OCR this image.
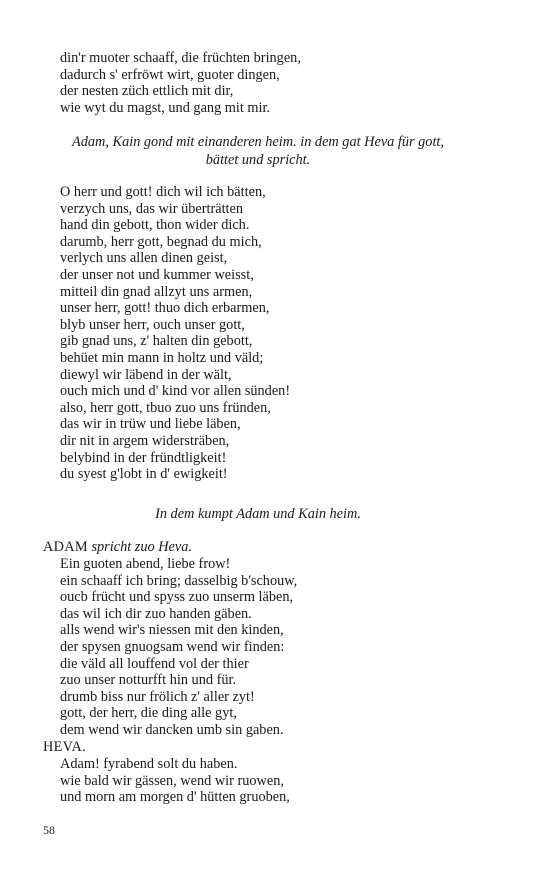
din'r muoter schaaff, die früchten bringen,
dadurch s' erfröwt wirt, guoter dingen,
der nesten züch ettlich mit dir,
wie wyt du magst, und gang mit mir.
Adam, Kain gond mit einanderen heim. in dem gat Heva für gott,
bättet und spricht.
O herr und gott! dich wil ich bätten,
verzych uns, das wir überträtten
hand din gebott, thon wider dich.
darumb, herr gott, begnad du mich,
verlych uns allen dinen geist,
der unser not und kummer weisst,
mitteil din gnad allzyt uns armen,
unser herr, gott! thuo dich erbarmen,
blyb unser herr, ouch unser gott,
gib gnad uns, z' halten din gebott,
behüet min mann in holtz und väld;
diewyl wir läbend in der wält,
ouch mich und d' kind vor allen sünden!
also, herr gott, tbuo zuo uns fründen,
das wir in trüw und liebe läben,
dir nit in argem widersträben,
belybind in der fründtligkeit!
du syest g'lobt in d' ewigkeit!
In dem kumpt Adam und Kain heim.

ADAM spricht zuo Heva.

Ein guoten abend, liebe frow!
ein schaaff ich bring; dasselbig b'schouw,
oucb frücht und spyss zuo unserm läben,
das wil ich dir zuo handen gäben.
alls wend wir's niessen mit den kinden,
der spysen gnuogsam wend wir finden:
die väld all louffend vol der thier
zuo unser notturfft hin und für.
drumb biss nur frölich z' aller zyt!
gott, der herr, die ding alle gyt,
dem wend wir dancken umb sin gaben.

HEVA.

Adam! fyrabend solt du haben.
wie bald wir gässen, wend wir ruowen,
und morn am morgen d' hütten gruoben,
58
